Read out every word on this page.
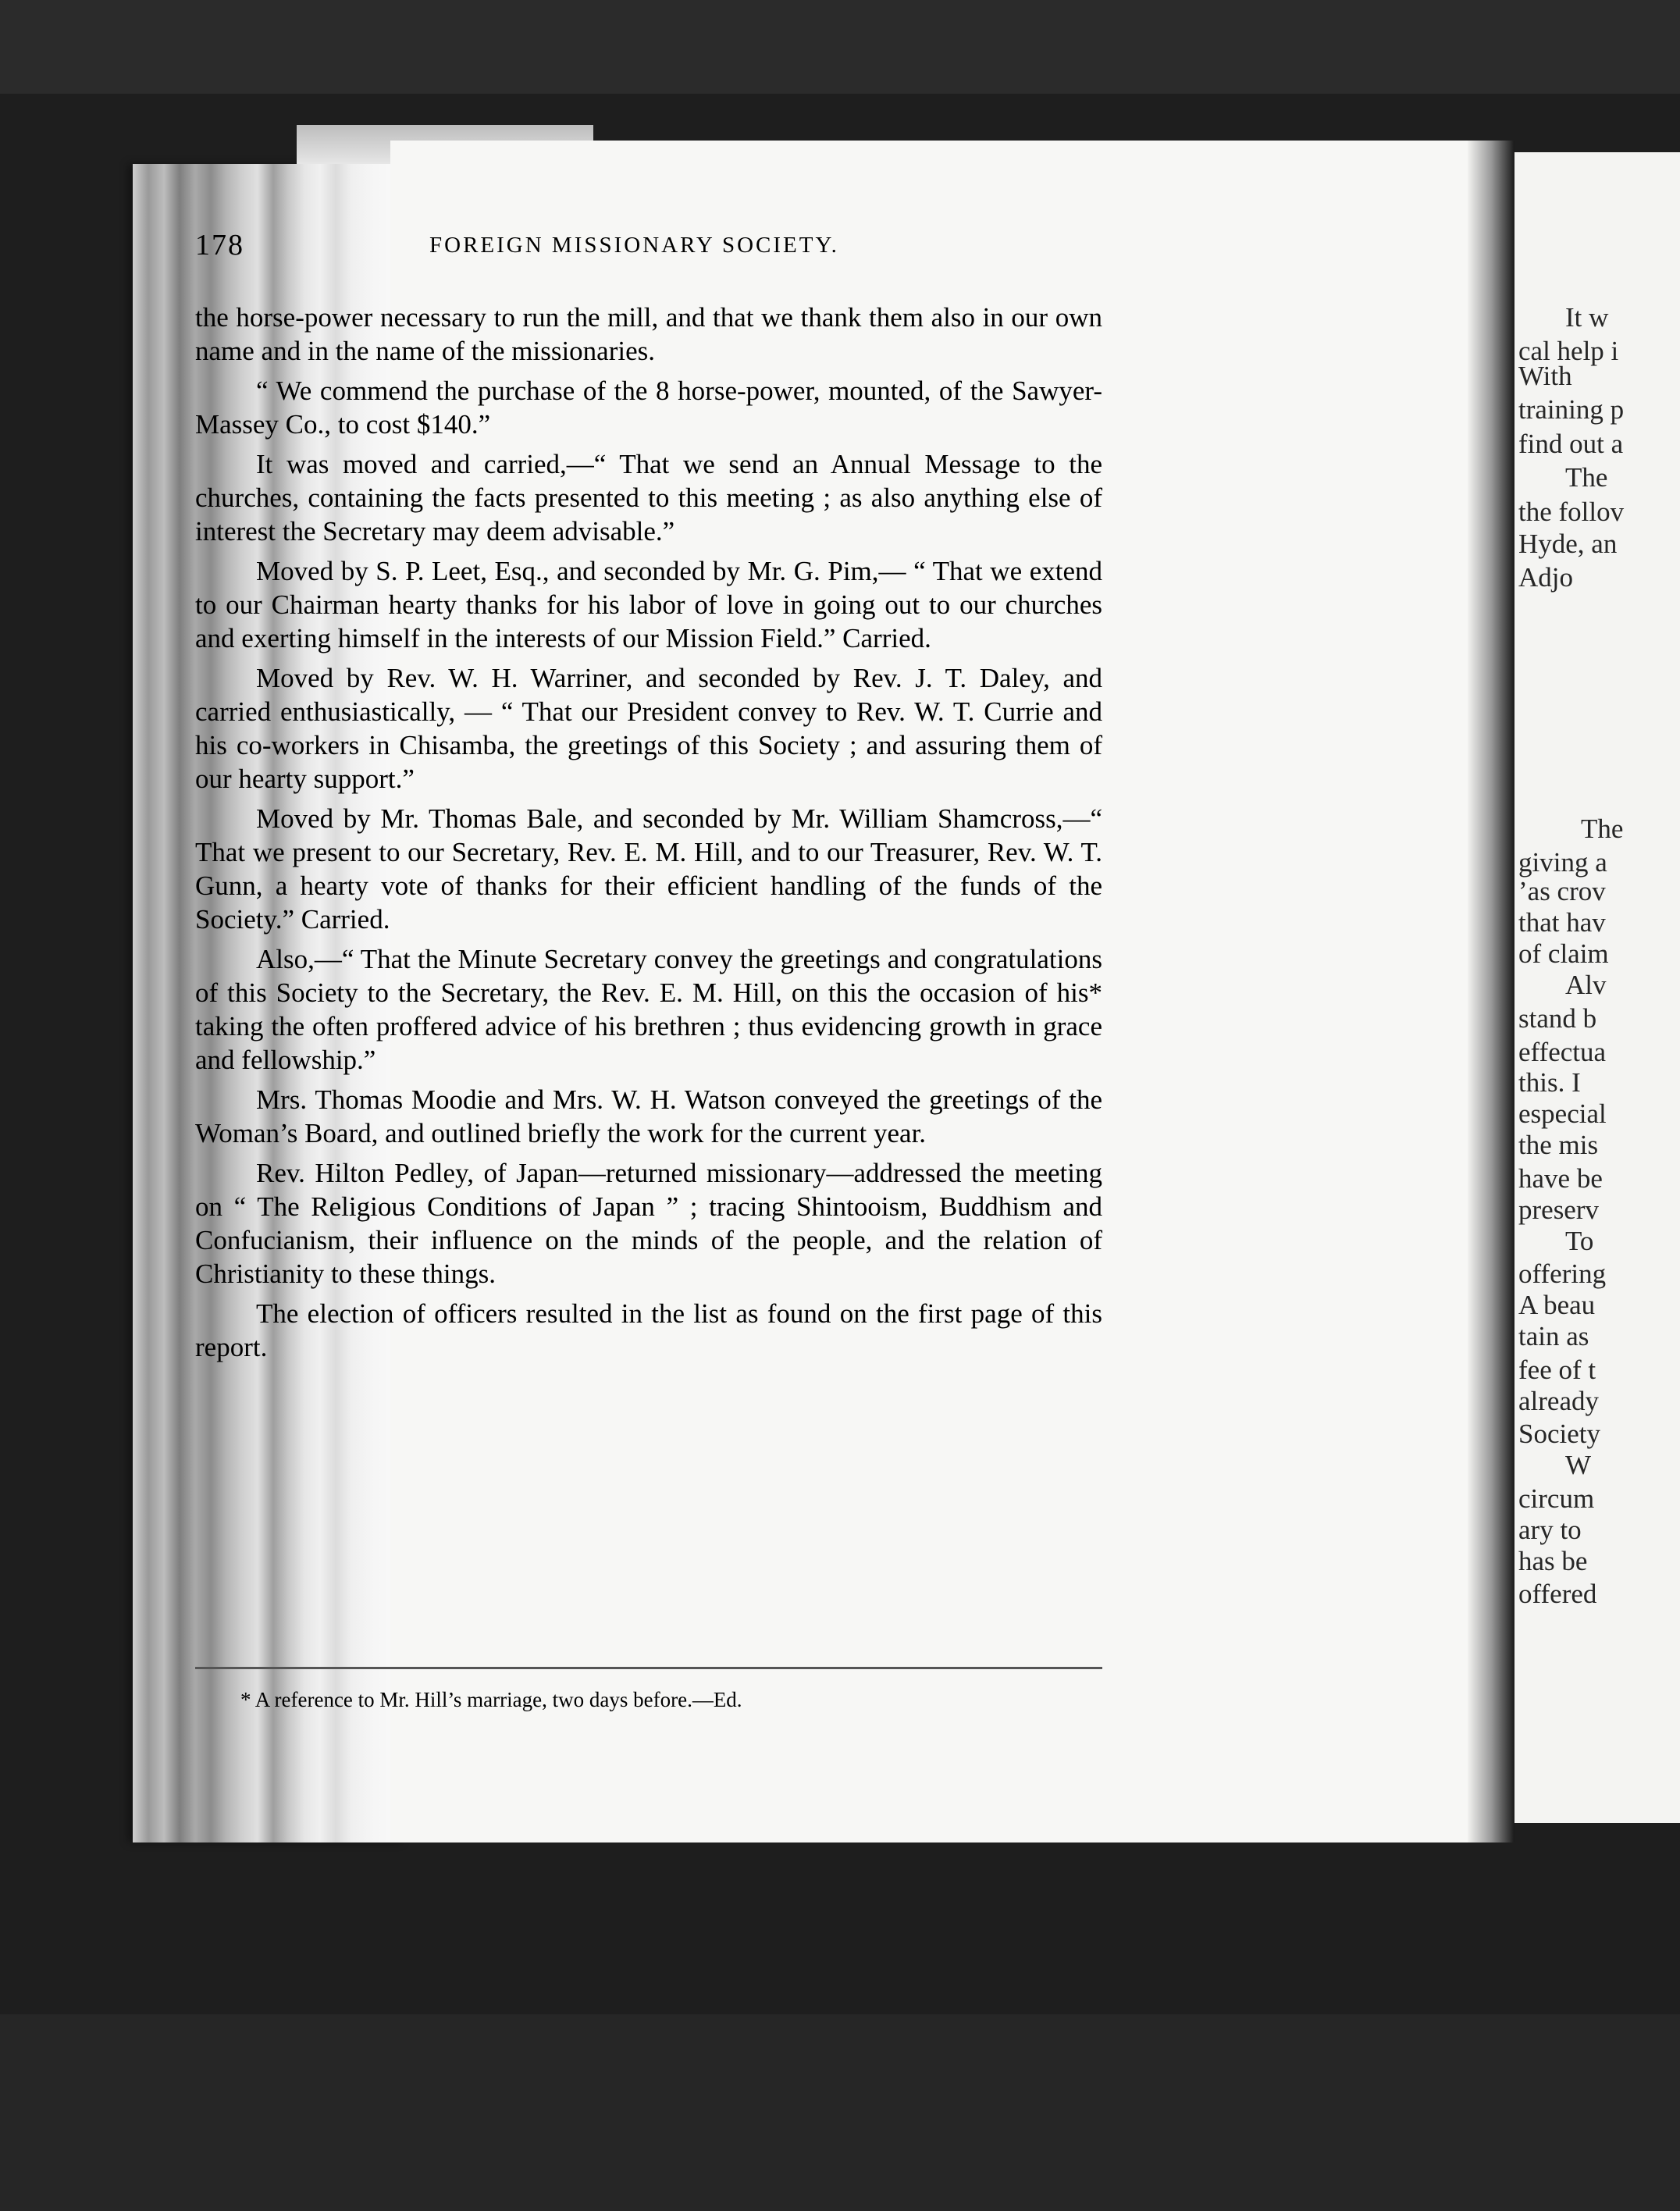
It w
cal help i
With
training p
find out a
The
the follov
Hyde, an
Adjo
The
giving a
’as crov
that hav
of claim
Alv
stand b
effectua
this. I
especial
the mis
have be
preserv
To
offering
A beau
tain as
fee of t
already
Society
W
circum
ary to
has be
offered
178	FOREIGN MISSIONARY SOCIETY.

the horse-power necessary to run the mill, and that we thank them also in our own name and in the name of the missionaries.

“ We commend the purchase of the 8 horse-power, mounted, of the Sawyer-Massey Co., to cost $140.”

It was moved and carried,—“ That we send an Annual Message to the churches, containing the facts presented to this meeting ; as also anything else of interest the Secretary may deem advisable.”

Moved by S. P. Leet, Esq., and seconded by Mr. G. Pim,— “ That we extend to our Chairman hearty thanks for his labor of love in going out to our churches and exerting himself in the interests of our Mission Field.” Carried.

Moved by Rev. W. H. Warriner, and seconded by Rev. J. T. Daley, and carried enthusiastically, — “ That our President convey to Rev. W. T. Currie and his co-workers in Chisamba, the greetings of this Society ; and assuring them of our hearty support.”

Moved by Mr. Thomas Bale, and seconded by Mr. William Shamcross,—“ That we present to our Secretary, Rev. E. M. Hill, and to our Treasurer, Rev. W. T. Gunn, a hearty vote of thanks for their efficient handling of the funds of the Society.” Carried.

Also,—“ That the Minute Secretary convey the greetings and congratulations of this Society to the Secretary, the Rev. E. M. Hill, on this the occasion of his* taking the often proffered advice of his brethren ; thus evidencing growth in grace and fellowship.”

Mrs. Thomas Moodie and Mrs. W. H. Watson conveyed the greetings of the Woman’s Board, and outlined briefly the work for the current year.

Rev. Hilton Pedley, of Japan—returned missionary—addressed the meeting on “ The Religious Conditions of Japan ” ; tracing Shintooism, Buddhism and Confucianism, their influence on the minds of the people, and the relation of Christianity to these things.

The election of officers resulted in the list as found on the first page of this report.

* A reference to Mr. Hill’s marriage, two days before.—Ed.
